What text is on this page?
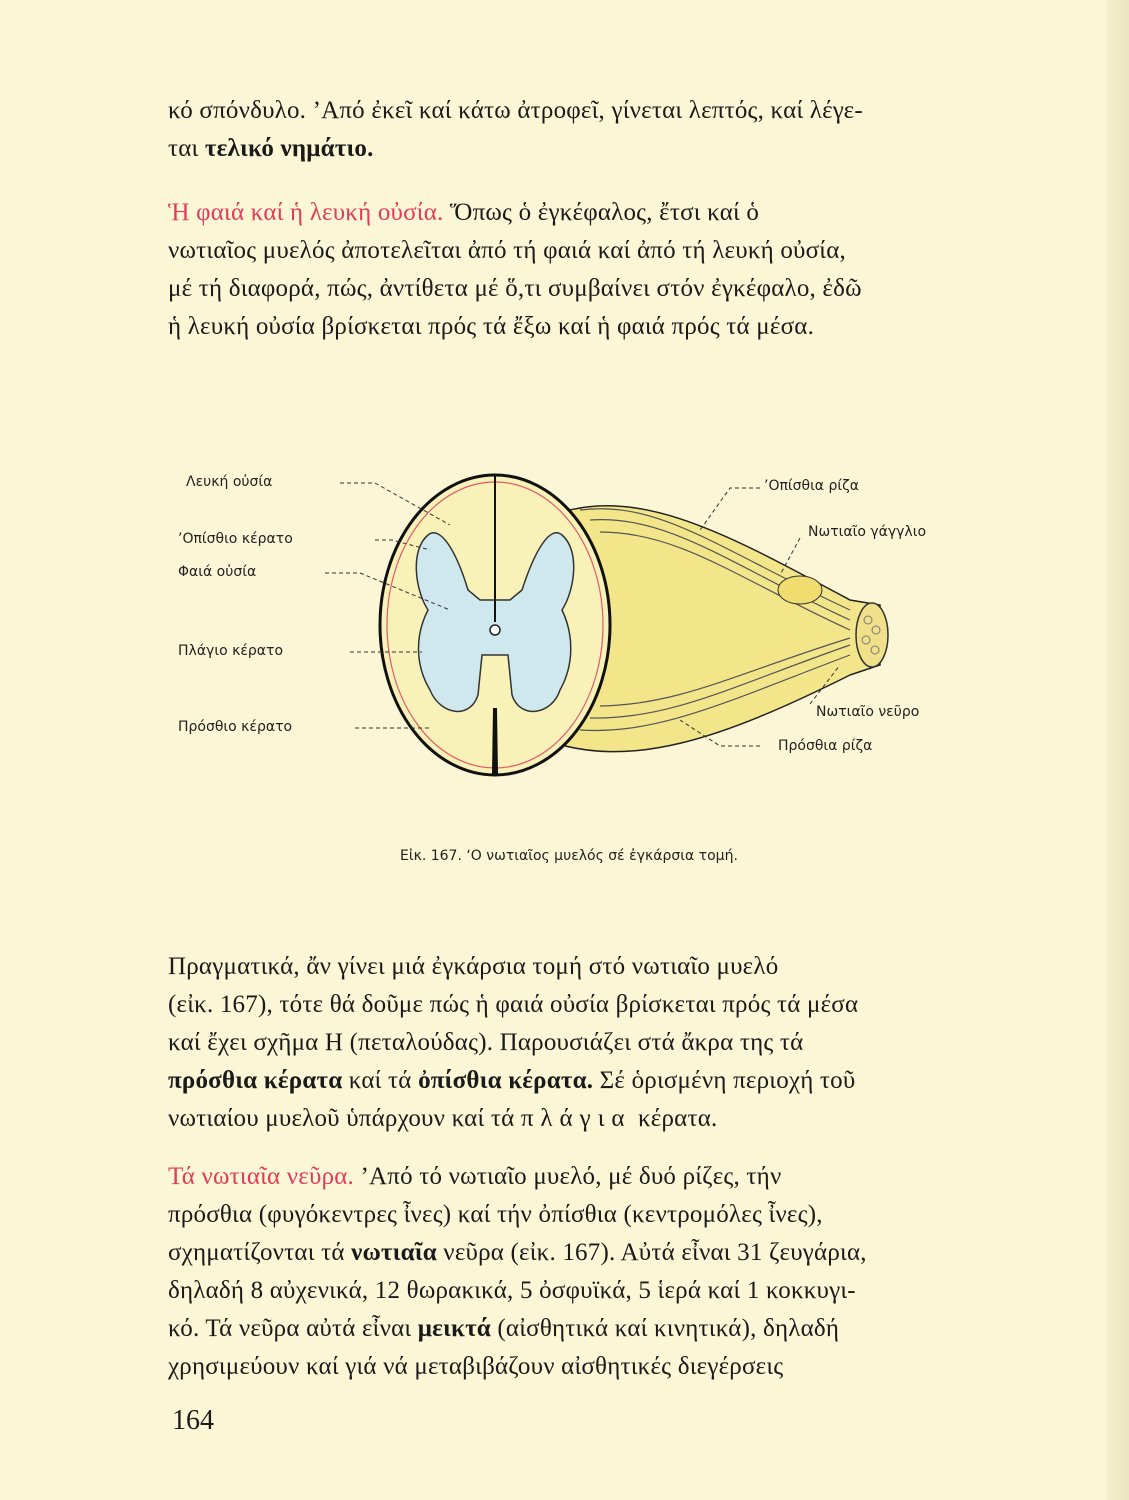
κό σπόνδυλο. ’Από ἐκεῖ καί κάτω ἀτροφεῖ, γίνεται λεπτός, καί λέγε-
ται τελικό νημάτιο.
Ἡ φαιά καί ἡ λευκή οὐσία. Ὅπως ὁ ἐγκέφαλος, ἔτσι καί ὁ
νωτιαῖος μυελός ἀποτελεῖται ἀπό τή φαιά καί ἀπό τή λευκή οὐσία,
μέ τή διαφορά, πώς, ἀντίθετα μέ ὅ,τι συμβαίνει στόν ἐγκέφαλο, ἐδῶ
ἡ λευκή οὐσία βρίσκεται πρός τά ἔξω καί ἡ φαιά πρός τά μέσα.
Λευκή οὐσία
’Οπίσθιο κέρατο
Φαιά οὐσία
Πλάγιο κέρατο
Πρόσθιο κέρατο
’Οπίσθια ρίζα
Νωτιαῖο γάγγλιο
Νωτιαῖο νεῦρο
Πρόσθια ρίζα
Εἰκ. 167. ‘Ο νωτιαῖος μυελός σέ ἐγκάρσια τομή.
Πραγματικά, ἄν γίνει μιά ἐγκάρσια τομή στό νωτιαῖο μυελό
(εἰκ. 167), τότε θά δοῦμε πώς ἡ φαιά οὐσία βρίσκεται πρός τά μέσα
καί ἔχει σχῆμα Η (πεταλούδας). Παρουσιάζει στά ἄκρα της τά
πρόσθια κέρατα καί τά ὀπίσθια κέρατα. Σέ ὁρισμένη περιοχή τοῦ
νωτιαίου μυελοῦ ὑπάρχουν καί τά πλάγια κέρατα.
Τά νωτιαῖα νεῦρα. ’Από τό νωτιαῖο μυελό, μέ δυό ρίζες, τήν
πρόσθια (φυγόκεντρες ἶνες) καί τήν ὀπίσθια (κεντρομόλες ἶνες),
σχηματίζονται τά νωτιαῖα νεῦρα (εἰκ. 167). Αὐτά εἶναι 31 ζευγάρια,
δηλαδή 8 αὐχενικά, 12 θωρακικά, 5 ὀσφυϊκά, 5 ἱερά καί 1 κοκκυγι-
κό. Τά νεῦρα αὐτά εἶναι μεικτά (αἰσθητικά καί κινητικά), δηλαδή
χρησιμεύουν καί γιά νά μεταβιβάζουν αἰσθητικές διεγέρσεις
164
